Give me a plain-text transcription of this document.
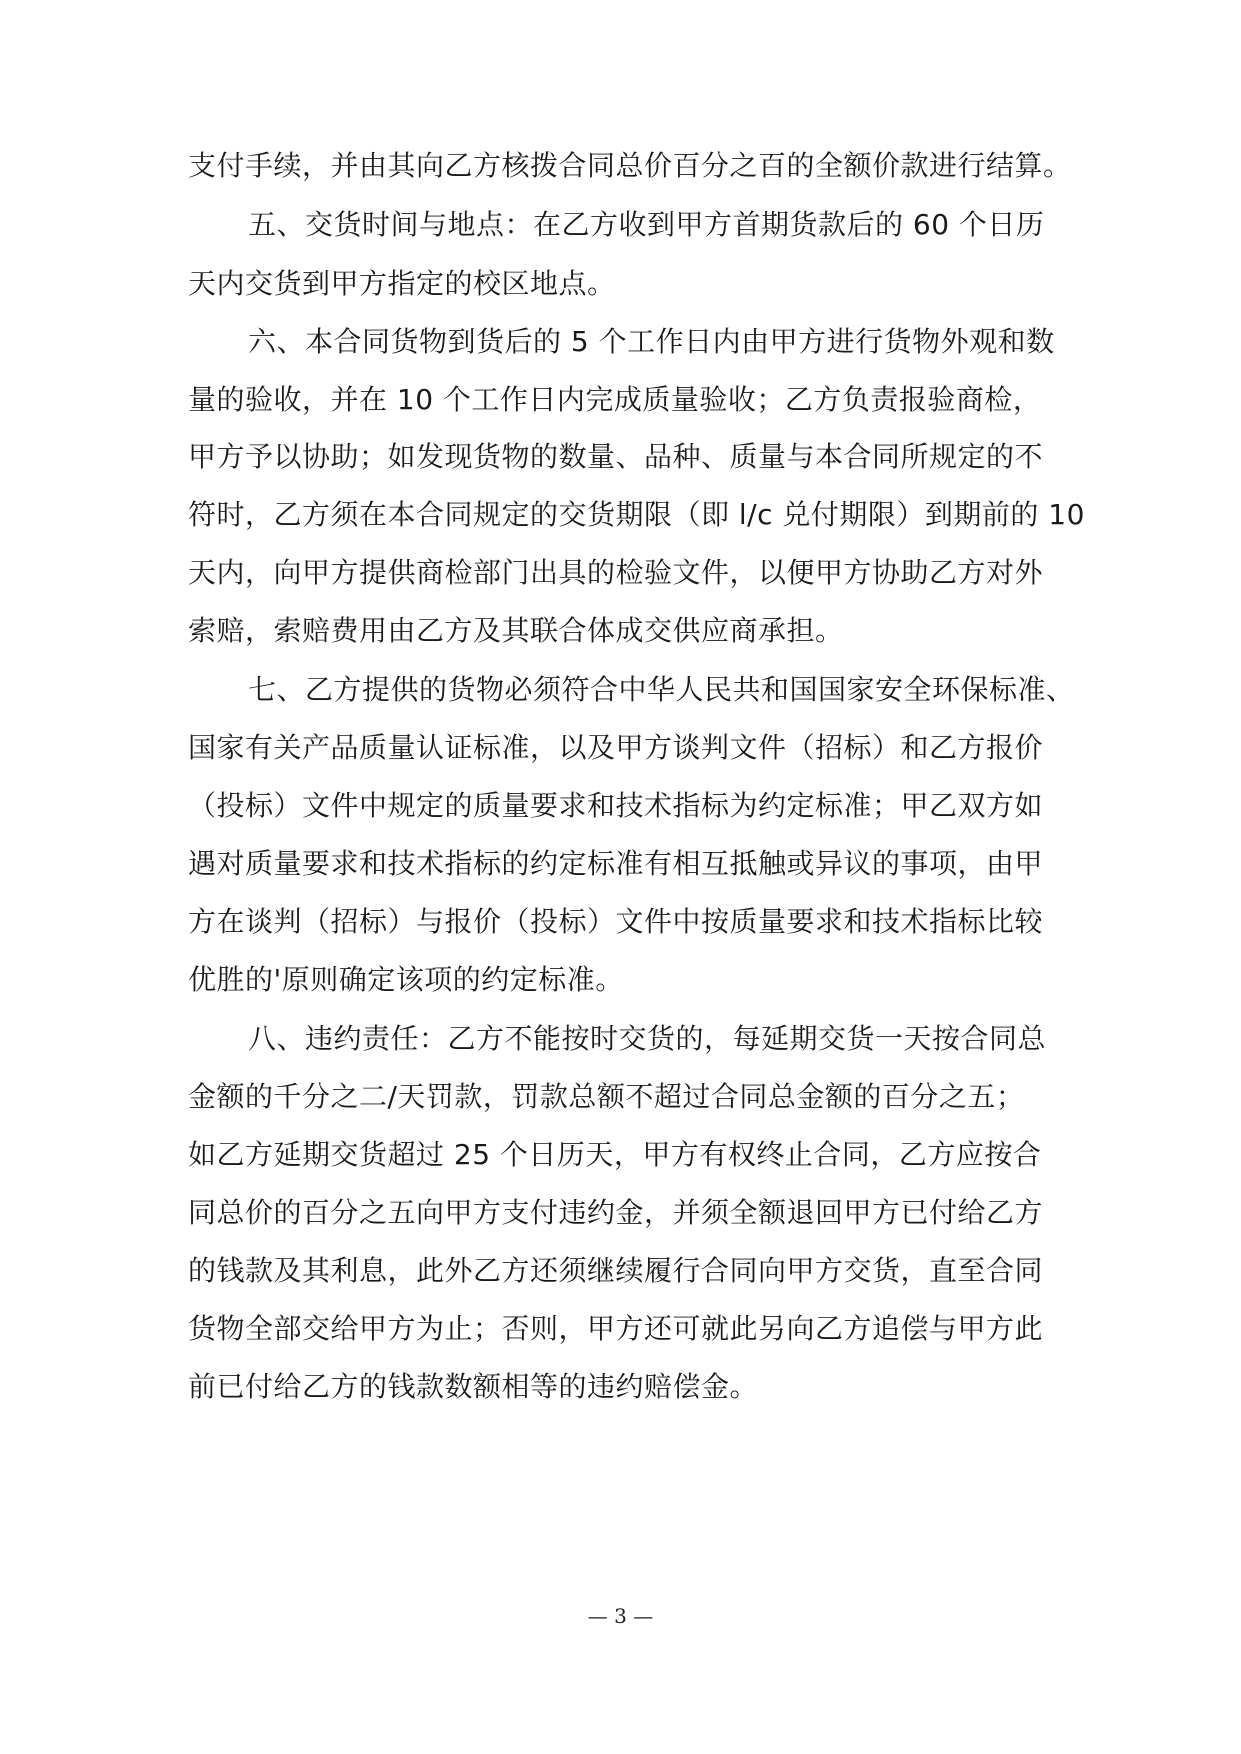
支付手续，并由其向乙方核拨合同总价百分之百的全额价款进行结算。
五、交货时间与地点：在乙方收到甲方首期货款后的 60 个日历
天内交货到甲方指定的校区地点。
六、本合同货物到货后的 5 个工作日内由甲方进行货物外观和数
量的验收，并在 10 个工作日内完成质量验收；乙方负责报验商检，
甲方予以协助；如发现货物的数量、品种、质量与本合同所规定的不
符时，乙方须在本合同规定的交货期限（即 l/c 兑付期限）到期前的 10
天内，向甲方提供商检部门出具的检验文件，以便甲方协助乙方对外
索赔，索赔费用由乙方及其联合体成交供应商承担。
七、乙方提供的货物必须符合中华人民共和国国家安全环保标准、
国家有关产品质量认证标准，以及甲方谈判文件（招标）和乙方报价
（投标）文件中规定的质量要求和技术指标为约定标准；甲乙双方如
遇对质量要求和技术指标的约定标准有相互抵触或异议的事项，由甲
方在谈判（招标）与报价（投标）文件中按质量要求和技术指标比较
优胜的'原则确定该项的约定标准。
八、违约责任：乙方不能按时交货的，每延期交货一天按合同总
金额的千分之二/天罚款，罚款总额不超过合同总金额的百分之五；
如乙方延期交货超过 25 个日历天，甲方有权终止合同，乙方应按合
同总价的百分之五向甲方支付违约金，并须全额退回甲方已付给乙方
的钱款及其利息，此外乙方还须继续履行合同向甲方交货，直至合同
货物全部交给甲方为止；否则，甲方还可就此另向乙方追偿与甲方此
前已付给乙方的钱款数额相等的违约赔偿金。
— 3 —
